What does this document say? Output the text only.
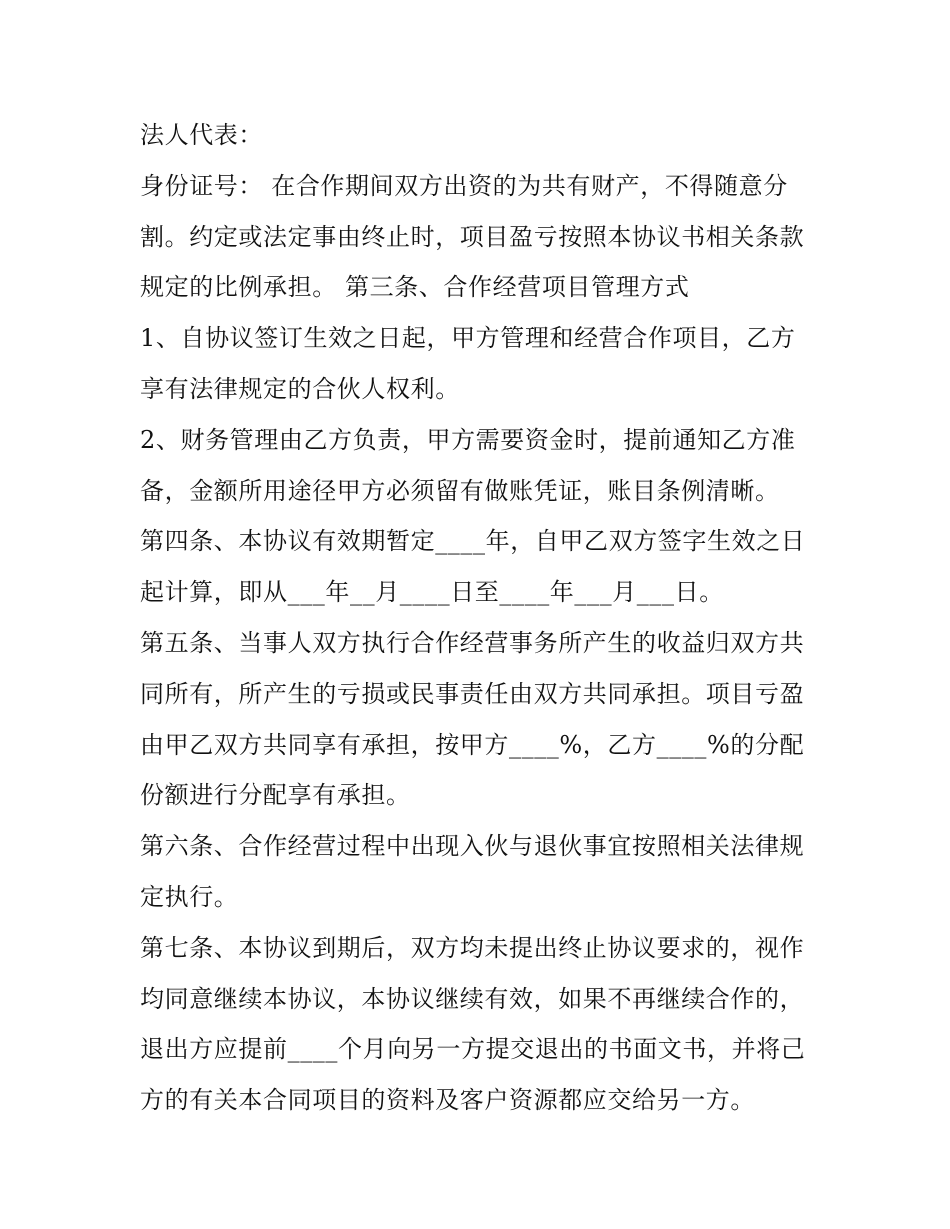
法人代表：
身份证号： 在合作期间双方出资的为共有财产，不得随意分
割。约定或法定事由终止时，项目盈亏按照本协议书相关条款
规定的比例承担。 第三条、合作经营项目管理方式
1、自协议签订生效之日起，甲方管理和经营合作项目，乙方
享有法律规定的合伙人权利。
2、财务管理由乙方负责，甲方需要资金时，提前通知乙方准
备，金额所用途径甲方必须留有做账凭证，账目条例清晰。
第四条、本协议有效期暂定____年，自甲乙双方签字生效之日
起计算，即从___年__月____日至____年___月___日。
第五条、当事人双方执行合作经营事务所产生的收益归双方共
同所有，所产生的亏损或民事责任由双方共同承担。项目亏盈
由甲乙双方共同享有承担，按甲方____%，乙方____%的分配
份额进行分配享有承担。
第六条、合作经营过程中出现入伙与退伙事宜按照相关法律规
定执行。
第七条、本协议到期后，双方均未提出终止协议要求的，视作
均同意继续本协议，本协议继续有效，如果不再继续合作的，
退出方应提前____个月向另一方提交退出的书面文书，并将己
方的有关本合同项目的资料及客户资源都应交给另一方。
